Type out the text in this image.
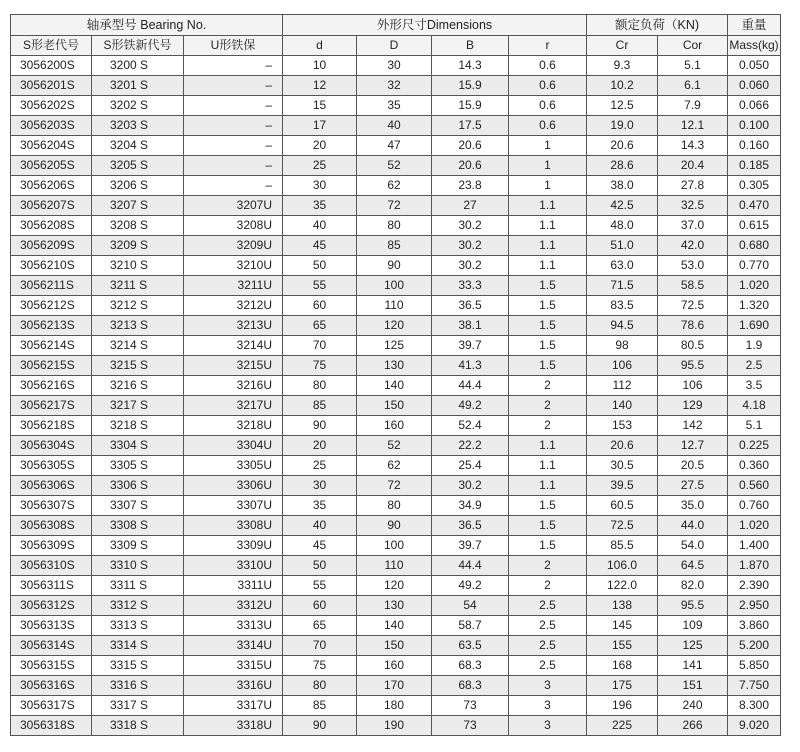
轴承型号 Bearing No.			外形尺寸Dimensions				额定负荷（KN)		重量
S形老代号	S形铁新代号	U形铁保	d	D	B	r	Cr	Cor	Mass(kg)
3056200S	3200 S	–	10	30	14.3	0.6	9.3	5.1	0.050
3056201S	3201 S	–	12	32	15.9	0.6	10.2	6.1	0.060
3056202S	3202 S	–	15	35	15.9	0.6	12.5	7.9	0.066
3056203S	3203 S	–	17	40	17.5	0.6	19.0	12.1	0.100
3056204S	3204 S	–	20	47	20.6	1	20.6	14.3	0.160
3056205S	3205 S	–	25	52	20.6	1	28.6	20.4	0.185
3056206S	3206 S	–	30	62	23.8	1	38.0	27.8	0.305
3056207S	3207 S	3207U	35	72	27	1.1	42.5	32.5	0.470
3056208S	3208 S	3208U	40	80	30.2	1.1	48.0	37.0	0.615
3056209S	3209 S	3209U	45	85	30.2	1.1	51.0	42.0	0.680
3056210S	3210 S	3210U	50	90	30.2	1.1	63.0	53.0	0.770
3056211S	3211 S	3211U	55	100	33.3	1.5	71.5	58.5	1.020
3056212S	3212 S	3212U	60	110	36.5	1.5	83.5	72.5	1.320
3056213S	3213 S	3213U	65	120	38.1	1.5	94.5	78.6	1.690
3056214S	3214 S	3214U	70	125	39.7	1.5	98	80.5	1.9
3056215S	3215 S	3215U	75	130	41.3	1.5	106	95.5	2.5
3056216S	3216 S	3216U	80	140	44.4	2	112	106	3.5
3056217S	3217 S	3217U	85	150	49.2	2	140	129	4.18
3056218S	3218 S	3218U	90	160	52.4	2	153	142	5.1
3056304S	3304 S	3304U	20	52	22.2	1.1	20.6	12.7	0.225
3056305S	3305 S	3305U	25	62	25.4	1.1	30.5	20.5	0.360
3056306S	3306 S	3306U	30	72	30.2	1.1	39.5	27.5	0.560
3056307S	3307 S	3307U	35	80	34.9	1.5	60.5	35.0	0.760
3056308S	3308 S	3308U	40	90	36.5	1.5	72.5	44.0	1.020
3056309S	3309 S	3309U	45	100	39.7	1.5	85.5	54.0	1.400
3056310S	3310 S	3310U	50	110	44.4	2	106.0	64.5	1.870
3056311S	3311 S	3311U	55	120	49.2	2	122.0	82.0	2.390
3056312S	3312 S	3312U	60	130	54	2.5	138	95.5	2.950
3056313S	3313 S	3313U	65	140	58.7	2.5	145	109	3.860
3056314S	3314 S	3314U	70	150	63.5	2.5	155	125	5.200
3056315S	3315 S	3315U	75	160	68.3	2.5	168	141	5.850
3056316S	3316 S	3316U	80	170	68.3	3	175	151	7.750
3056317S	3317 S	3317U	85	180	73	3	196	240	8.300
3056318S	3318 S	3318U	90	190	73	3	225	266	9.020
